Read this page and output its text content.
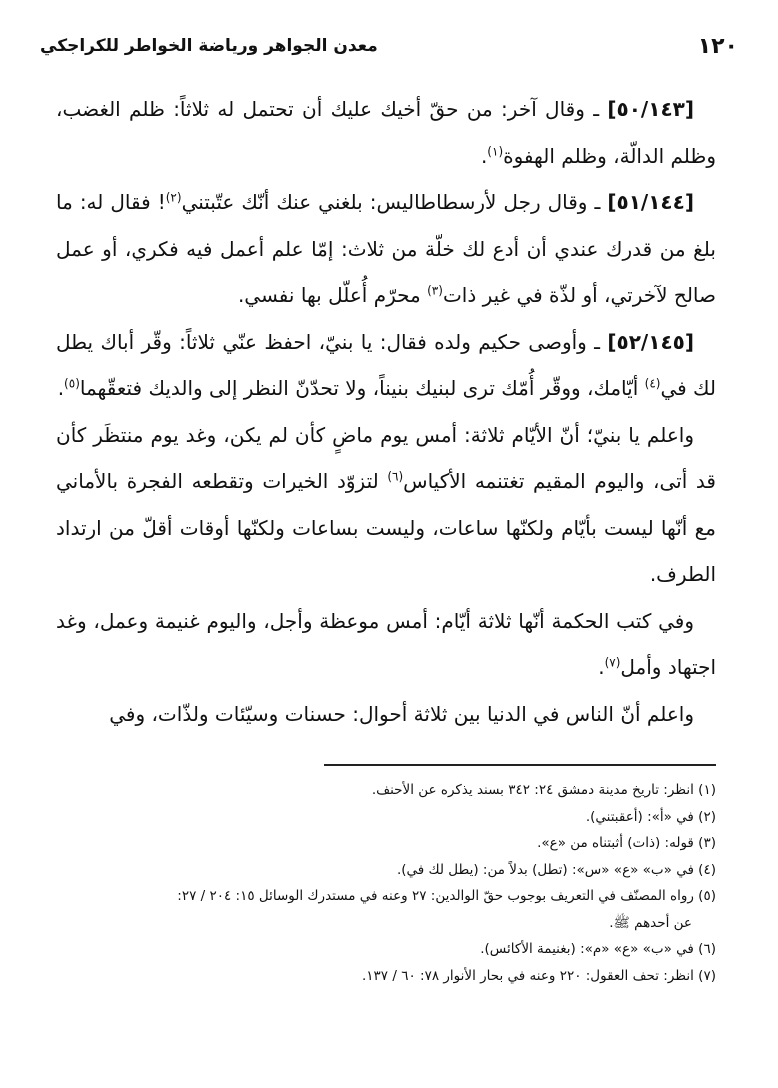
١٢٠
معدن الجواهر ورياضة الخواطر للكراجكي

[٥٠/١٤٣] ـ وقال آخر: من حقّ أخيك عليك أن تحتمل له ثلاثاً: ظلم الغضب، وظلم الدالّة، وظلم الهفوة$^{(١)}$.

[٥١/١٤٤] ـ وقال رجل لأرسطاطاليس: بلغني عنك أنّك عتّبتني$^{(٢)}$! فقال له: ما بلغ من قدرك عندي أن أدع لك خلّة من ثلاث: إمّا علم أعمل فيه فكري، أو عمل صالح لآخرتي، أو لذّة في غير ذات$^{(٣)}$ محرّم أُعلّل بها نفسي.

[٥٢/١٤٥] ـ وأوصى حكيم ولده فقال: يا بنيّ، احفظ عنّي ثلاثاً: وقّر أباك يطل لك في$^{(٤)}$ أيّامك، ووقّر أُمّك ترى لبنيك بنيناً، ولا تحدّنّ النظر إلى والديك فتعقّهما$^{(٥)}$.

واعلم يا بنيّ؛ أنّ الأيّام ثلاثة: أمس يوم ماضٍ كأن لم يكن، وغد يوم منتظَر كأن قد أتى، واليوم المقيم تغتنمه الأكياس$^{(٦)}$ لتزوّد الخيرات وتقطعه الفجرة بالأماني مع أنّها ليست بأيّام ولكنّها ساعات، وليست بساعات ولكنّها أوقات أقلّ من ارتداد الطرف.

وفي كتب الحكمة أنّها ثلاثة أيّام: أمس موعظة وأجل، واليوم غنيمة وعمل، وغد اجتهاد وأمل$^{(٧)}$.

واعلم أنّ الناس في الدنيا بين ثلاثة أحوال: حسنات وسيّئات ولذّات، وفي

(١) انظر: تاريخ مدينة دمشق ٢٤: ٣٤٢ بسند يذكره عن الأحنف.

(٢) في «أ»: (أعقبتني).

(٣) قوله: (ذات) أثبتناه من «ع».

(٤) في «ب» «ع» «س»: (تطل) بدلاً من: (يطل لك في).

(٥) رواه المصنّف في التعريف بوجوب حقّ الوالدين: ٢٧ وعنه في مستدرك الوسائل ١٥: ٢٠٤ / ٢٧:

عن أحدهم ﷺ.

(٦) في «ب» «ع» «م»: (بغنيمة الأكائس).

(٧) انظر: تحف العقول: ٢٢٠ وعنه في بحار الأنوار ٧٨: ٦٠ / ١٣٧.
